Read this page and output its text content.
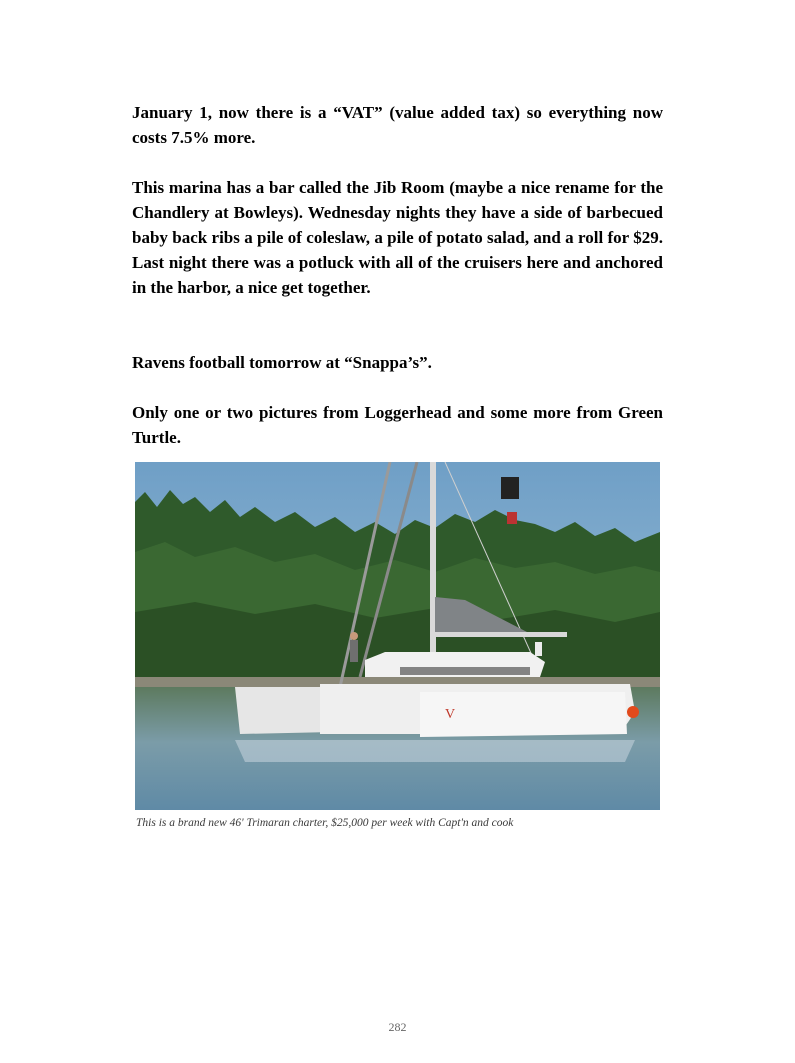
January 1, now there is a “VAT” (value added tax) so everything now costs 7.5% more.

This marina has a bar called the Jib Room (maybe a nice rename for the Chandlery at Bowleys). Wednesday nights they have a side of barbecued baby back ribs a pile of coleslaw, a pile of potato salad, and a roll for $29. Last night there was a potluck with all of the cruisers here and anchored in the harbor, a nice get together.

Ravens football tomorrow at “Snappa’s”.

Only one or two pictures from Loggerhead and some more from Green Turtle.

V
This is a brand new 46' Trimaran charter, $25,000 per week with Capt'n and cook
282
